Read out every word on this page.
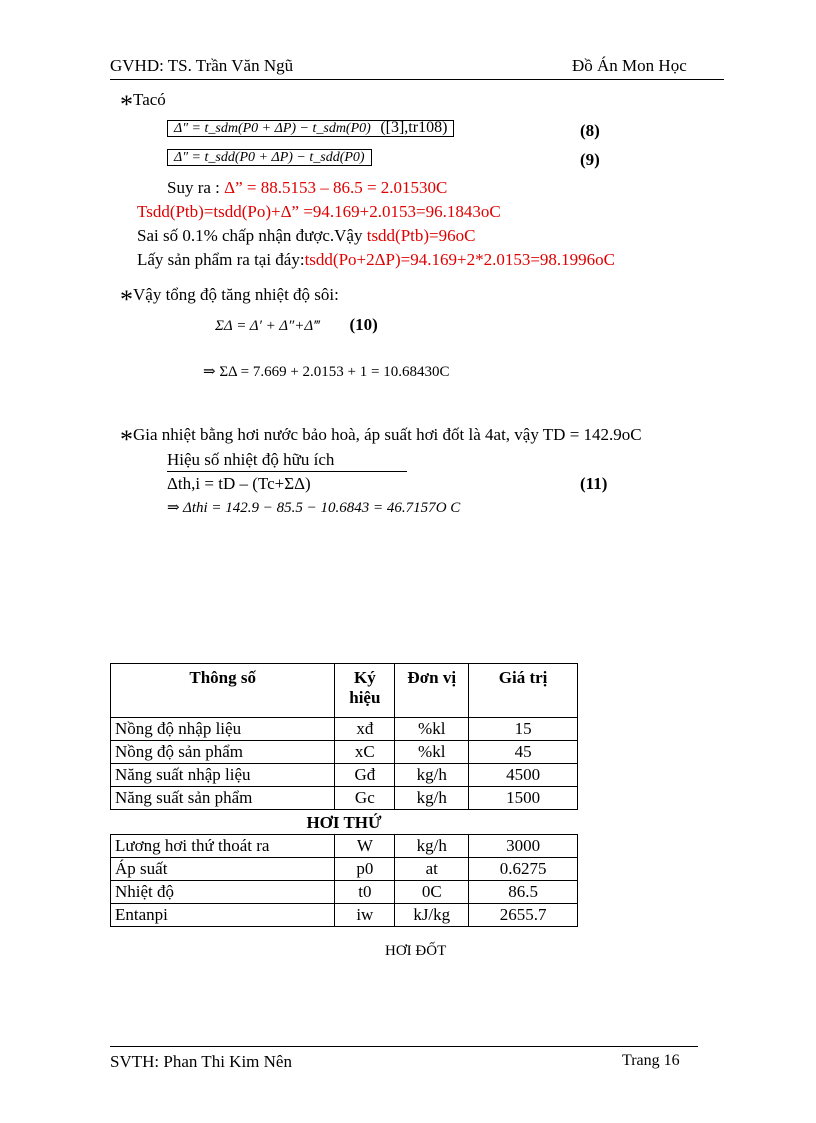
GVHD: TS. Trần Văn Ngũ	Đồ Án Mon Học
*Tacó
Δ″ = t_sdm(P0 + ΔP) − t_sdm(P0) ([3],tr108)	(8)
Δ″ = t_sdd(P0 + ΔP) − t_sdd(P0)	(9)
Suy ra : Δ” = 88.5153 – 86.5 = 2.01530C
Tsdd(Ptb)=tsdd(Po)+Δ” =94.169+2.0153=96.1843oC
Sai số 0.1% chấp nhận được.Vậy tsdd(Ptb)=96oC
Lấy sản phẩm ra tại đáy:tsdd(Po+2ΔP)=94.169+2*2.0153=98.1996oC
*Vậy tổng độ tăng nhiệt độ sôi:
ΣΔ = Δ′ + Δ″+Δ‴ (10)
⇒ ΣΔ = 7.669 + 2.0153 + 1 = 10.68430C
*Gia nhiệt bằng hơi nước bảo hoà, áp suất hơi đốt là 4at, vậy TD = 142.9oC
Hiệu số nhiệt độ hữu ích
Δth,i = tD – (Tc+ΣΔ)	(11)
⇒ Δthi = 142.9 − 85.5 − 10.6843 = 46.7157O C
Thông số	Ký hiệu	Đơn vị	Giá trị
Nồng độ nhập liệu	xđ	%kl	15
Nồng độ sản phẩm	xC	%kl	45
Năng suất nhập liệu	Gđ	kg/h	4500
Năng suất sản phẩm	Gc	kg/h	1500
HƠI THỨ			
Lương hơi thứ thoát ra	W	kg/h	3000
Áp suất	p0	at	0.6275
Nhiệt độ	t0	0C	86.5
Entanpi	iw	kJ/kg	2655.7
HƠI ĐỐT
SVTH: Phan Thi Kim Nên	Trang 16
